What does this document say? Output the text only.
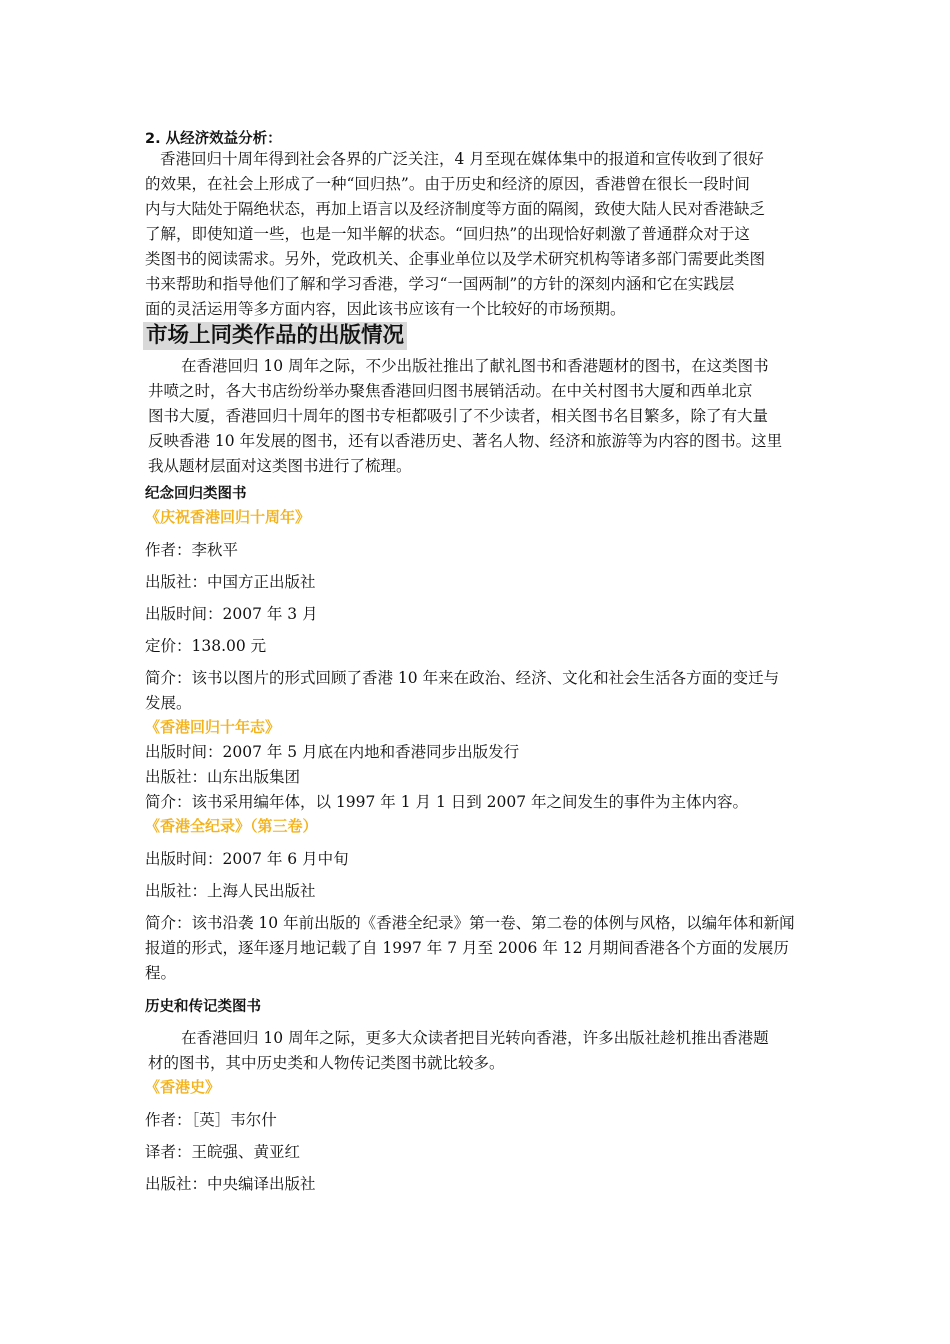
2. 从经济效益分析：
香港回归十周年得到社会各界的广泛关注，4 月至现在媒体集中的报道和宣传收到了很好
的效果，在社会上形成了一种“回归热”。由于历史和经济的原因，香港曾在很长一段时间
内与大陆处于隔绝状态，再加上语言以及经济制度等方面的隔阂，致使大陆人民对香港缺乏
了解，即使知道一些，也是一知半解的状态。“回归热”的出现恰好刺激了普通群众对于这
类图书的阅读需求。另外，党政机关、企事业单位以及学术研究机构等诸多部门需要此类图
书来帮助和指导他们了解和学习香港，学习“一国两制”的方针的深刻内涵和它在实践层
面的灵活运用等多方面内容，因此该书应该有一个比较好的市场预期。
市场上同类作品的出版情况
在香港回归 10 周年之际，不少出版社推出了献礼图书和香港题材的图书，在这类图书
井喷之时，各大书店纷纷举办聚焦香港回归图书展销活动。在中关村图书大厦和西单北京
图书大厦，香港回归十周年的图书专柜都吸引了不少读者，相关图书名目繁多，除了有大量
反映香港 10 年发展的图书，还有以香港历史、著名人物、经济和旅游等为内容的图书。这里
我从题材层面对这类图书进行了梳理。
纪念回归类图书
《庆祝香港回归十周年》
作者：李秋平
出版社：中国方正出版社
出版时间：2007 年 3 月
定价：138.00 元
简介：该书以图片的形式回顾了香港 10 年来在政治、经济、文化和社会生活各方面的变迁与
发展。
《香港回归十年志》
出版时间：2007 年 5 月底在内地和香港同步出版发行
出版社：山东出版集团
简介：该书采用编年体，以 1997 年 1 月 1 日到 2007 年之间发生的事件为主体内容。
《香港全纪录》（第三卷）
出版时间：2007 年 6 月中旬
出版社：上海人民出版社
简介：该书沿袭 10 年前出版的《香港全纪录》第一卷、第二卷的体例与风格，以编年体和新闻
报道的形式，逐年逐月地记载了自 1997 年 7 月至 2006 年 12 月期间香港各个方面的发展历
程。
历史和传记类图书
在香港回归 10 周年之际，更多大众读者把目光转向香港，许多出版社趁机推出香港题
材的图书，其中历史类和人物传记类图书就比较多。
《香港史》
作者：［英］韦尔什
译者：王皖强、黄亚红
出版社：中央编译出版社
